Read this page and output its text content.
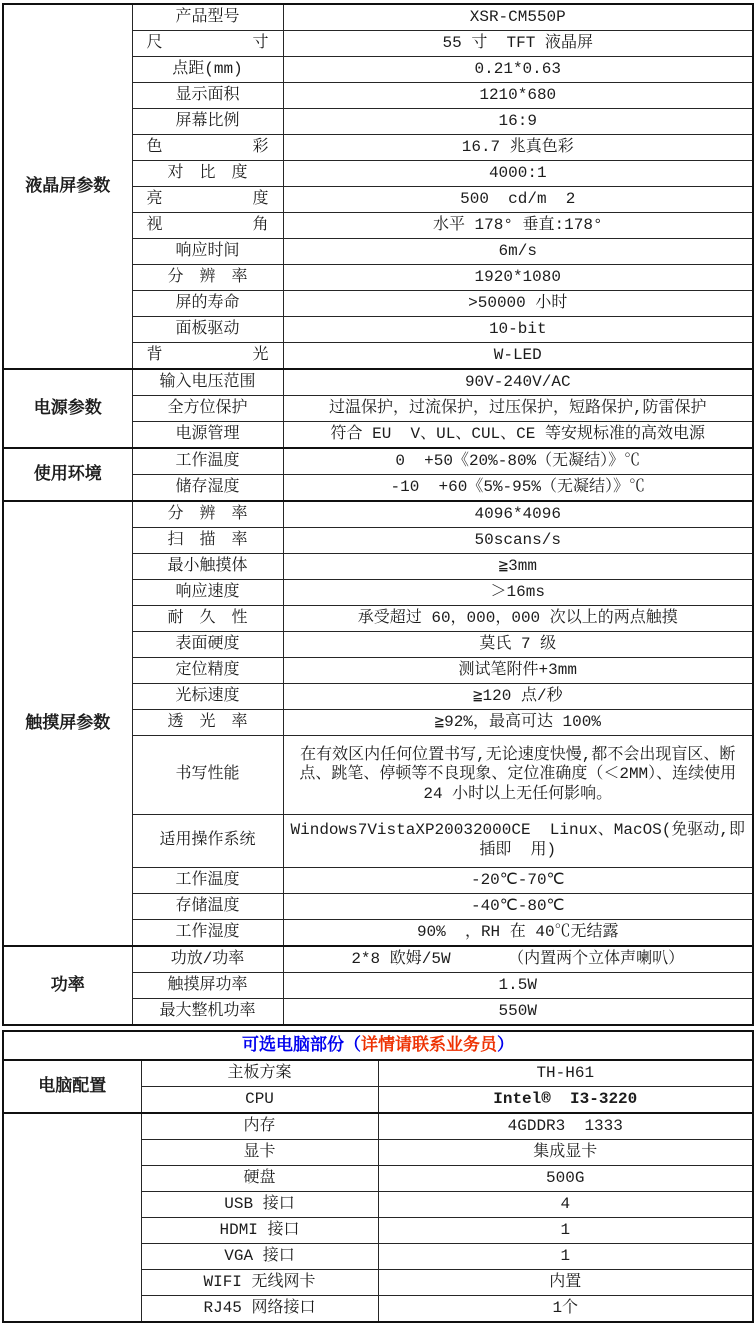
液晶屏参数	产品型号	XSR-CM550P
	尺寸	55 寸  TFT 液晶屏
	点距(mm)	0.21*0.63
	显示面积	1210*680
	屏幕比例	16:9
	色彩	16.7 兆真色彩
	对　比　度	4000:1
	亮度	500  cd/m  2
	视角	水平 178° 垂直:178°
	响应时间	6m/s
	分　辨　率	1920*1080
	屏的寿命	>50000 小时
	面板驱动	10-bit
	背光	W-LED
电源参数	输入电压范围	90V-240V/AC
	全方位保护	过温保护，过流保护，过压保护，短路保护,防雷保护
	电源管理	符合 EU  V、UL、CUL、CE 等安规标准的高效电源
使用环境	工作温度	0  +50《20%-80%（无凝结）》℃
	储存湿度	-10  +60《5%-95%（无凝结）》℃
触摸屏参数	分　辨　率	4096*4096
	扫　描　率	50scans/s
	最小触摸体	≧3mm
	响应速度	＞16ms
	耐　久　性	承受超过 60，000，000 次以上的两点触摸
	表面硬度	莫氏 7 级
	定位精度	测试笔附件+3mm
	光标速度	≧120 点/秒
	透　光　率	≧92%，最高可达 100%
	书写性能	在有效区内任何位置书写,无论速度快慢,都不会出现盲区、断点、跳笔、停顿等不良现象、定位准确度（＜2MM）、连续使用 24 小时以上无任何影响。
	适用操作系统	Windows7VistaXP20032000CE  Linux、MacOS(免驱动,即插即  用)
	工作温度	-20℃-70℃
	存储温度	-40℃-80℃
	工作湿度	90%  ，RH 在 40℃无结露
功率	功放/功率	2*8 欧姆/5W      （内置两个立体声喇叭）
	触摸屏功率	1.5W
	最大整机功率	550W
可选电脑部份（详情请联系业务员）		
电脑配置	主板方案	TH-H61
	CPU	Intel®  I3-3220
	内存	4GDDR3  1333
	显卡	集成显卡
	硬盘	500G
	USB 接口	4
	HDMI 接口	1
	VGA 接口	1
	WIFI 无线网卡	内置
	RJ45 网络接口	1个
